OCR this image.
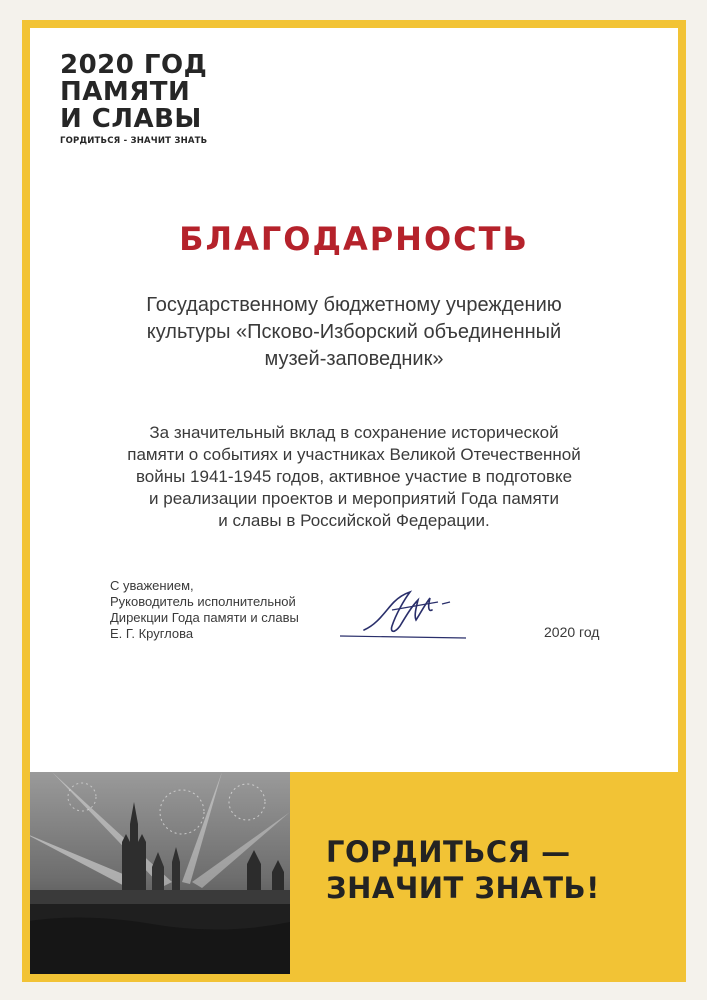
2020 ГОД
ПАМЯТИ
И СЛАВЫ
ГОРДИТЬСЯ - ЗНАЧИТ ЗНАТЬ
БЛАГОДАРНОСТЬ
Государственному бюджетному учреждению
культуры «Псково-Изборский объединенный
музей-заповедник»
За значительный вклад в сохранение исторической
памяти о событиях и участниках Великой Отечественной
войны 1941-1945 годов, активное участие в подготовке
и реализации проектов и мероприятий Года памяти
и славы в Российской Федерации.
С уважением,
Руководитель исполнительной
Дирекции Года памяти и славы
Е. Г. Круглова	2020 год
ГОРДИТЬСЯ —
ЗНАЧИТ ЗНАТЬ!
